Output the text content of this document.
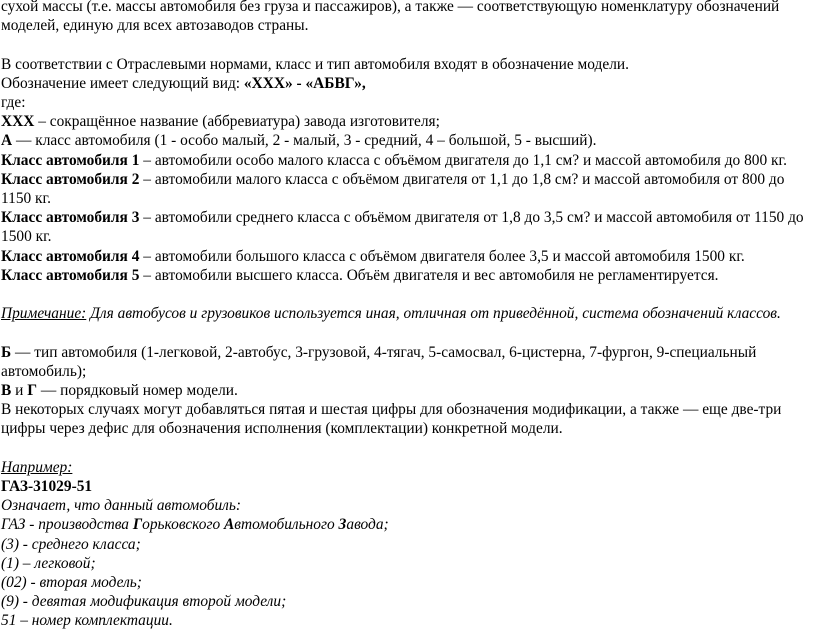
сухой массы (т.е. массы автомобиля без груза и пассажиров), а также — соответствующую номенклатуру обозначений моделей, единую для всех автозаводов страны.

В соответствии с Отраслевыми нормами, класс и тип автомобиля входят в обозначение модели.

Обозначение имеет следующий вид: «XXX» - «АБВГ»,

где:

XXX – сокращённое название (аббревиатура) завода изготовителя;

А — класс автомобиля (1 - особо малый, 2 - малый, 3 - средний, 4 – большой, 5 - высший).

Класс автомобиля 1 – автомобили особо малого класса с объёмом двигателя до 1,1 см? и массой автомобиля до 800 кг.

Класс автомобиля 2 – автомобили малого класса с объёмом двигателя от 1,1 до 1,8 см? и массой автомобиля от 800 до 1150 кг.

Класс автомобиля 3 – автомобили среднего класса с объёмом двигателя от 1,8 до 3,5 см? и массой автомобиля от 1150 до 1500 кг.

Класс автомобиля 4 – автомобили большого класса с объёмом двигателя более 3,5 и массой автомобиля 1500 кг.

Класс автомобиля 5 – автомобили высшего класса. Объём двигателя и вес автомобиля не регламентируется.

Примечание: Для автобусов и грузовиков используется иная, отличная от приведённой, система обозначений классов.

Б — тип автомобиля (1-легковой, 2-автобус, 3-грузовой, 4-тягач, 5-самосвал, 6-цистерна, 7-фургон, 9-специальный автомобиль);

В и Г — порядковый номер модели.

В некоторых случаях могут добавляться пятая и шестая цифры для обозначения модификации, а также — еще две-три цифры через дефис для обозначения исполнения (комплектации) конкретной модели.

Например:

ГАЗ-31029-51

Означает, что данный автомобиль:

ГАЗ - производства Горьковского Автомобильного Завода;

(3) - среднего класса;

(1) – легковой;

(02) - вторая модель;

(9) - девятая модификация второй модели;

51 – номер комплектации.
